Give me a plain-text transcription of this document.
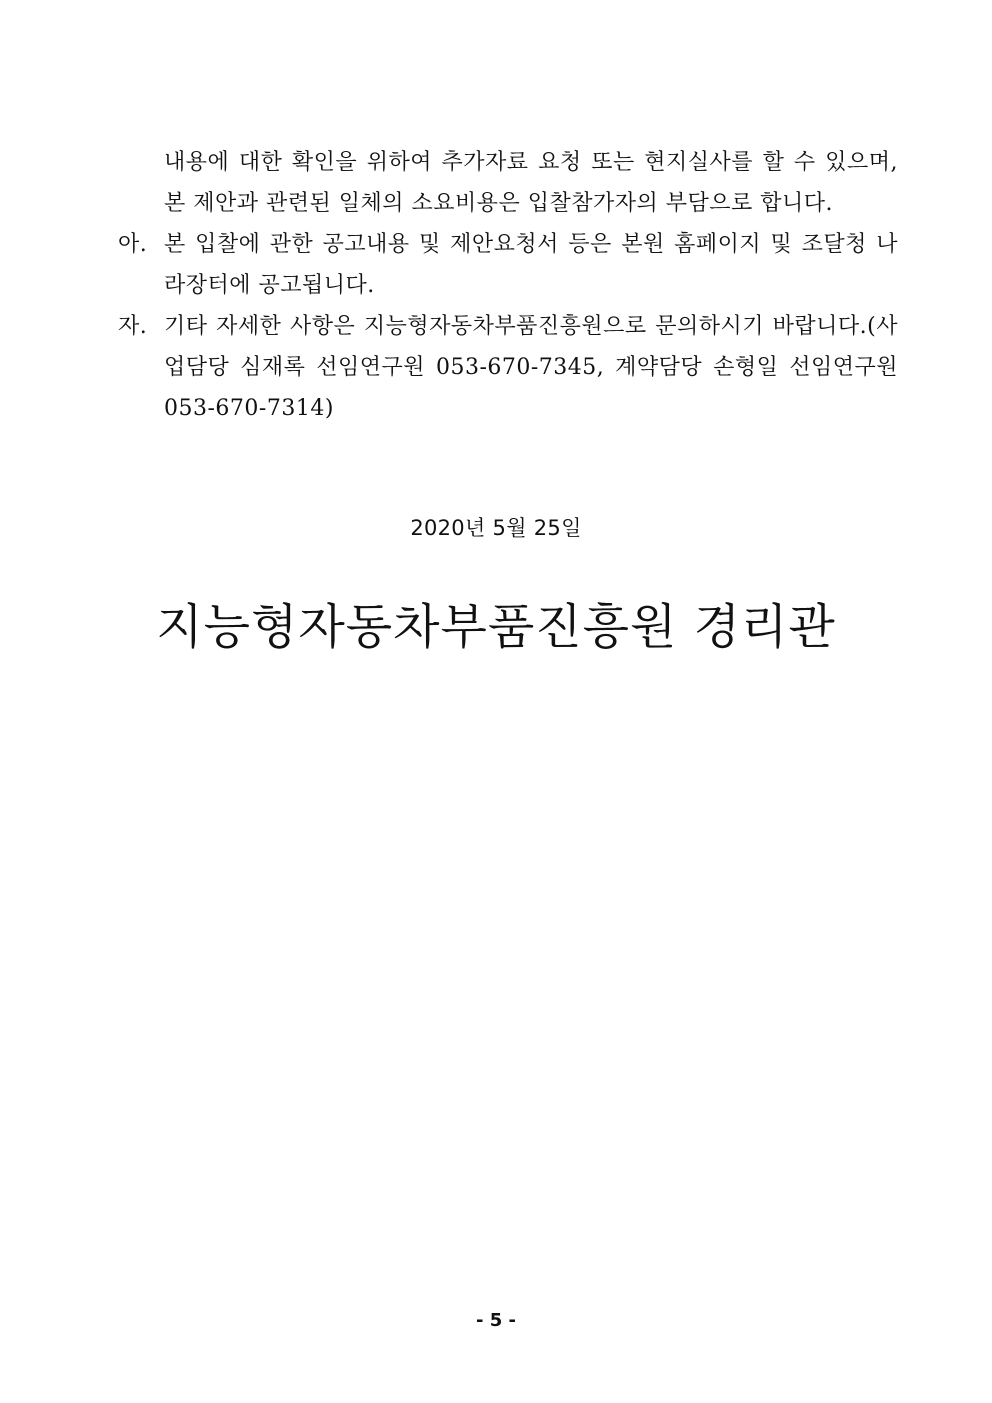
내용에 대한 확인을 위하여 추가자료 요청 또는 현지실사를 할 수 있으며, 본 제안과 관련된 일체의 소요비용은 입찰참가자의 부담으로 합니다.
아. 본 입찰에 관한 공고내용 및 제안요청서 등은 본원 홈페이지 및 조달청 나라장터에 공고됩니다.
자. 기타 자세한 사항은 지능형자동차부품진흥원으로 문의하시기 바랍니다.(사업담당 심재록 선임연구원 053-670-7345, 계약담당 손형일 선임연구원 053-670-7314)
2020년 5월 25일
지능형자동차부품진흥원 경리관
- 5 -
